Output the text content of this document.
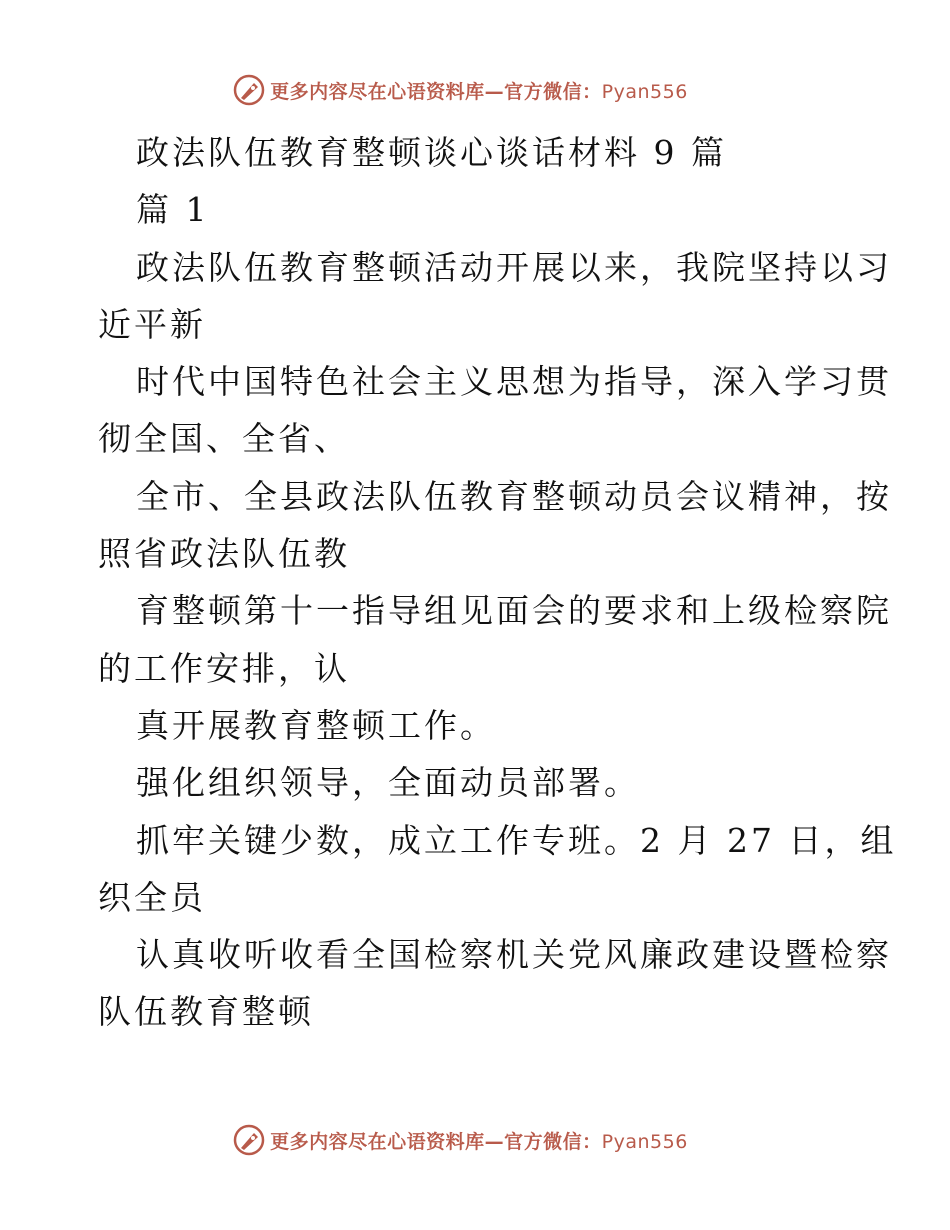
更多内容尽在心语资料库—官方微信：Pyan556
政法队伍教育整顿谈心谈话材料 9 篇
篇 1
政法队伍教育整顿活动开展以来，我院坚持以习
近平新
时代中国特色社会主义思想为指导，深入学习贯
彻全国、全省、
全市、全县政法队伍教育整顿动员会议精神，按
照省政法队伍教
育整顿第十一指导组见面会的要求和上级检察院
的工作安排，认
真开展教育整顿工作。
强化组织领导，全面动员部署。
抓牢关键少数，成立工作专班。2 月 27 日，组
织全员
认真收听收看全国检察机关党风廉政建设暨检察
队伍教育整顿
更多内容尽在心语资料库—官方微信：Pyan556
